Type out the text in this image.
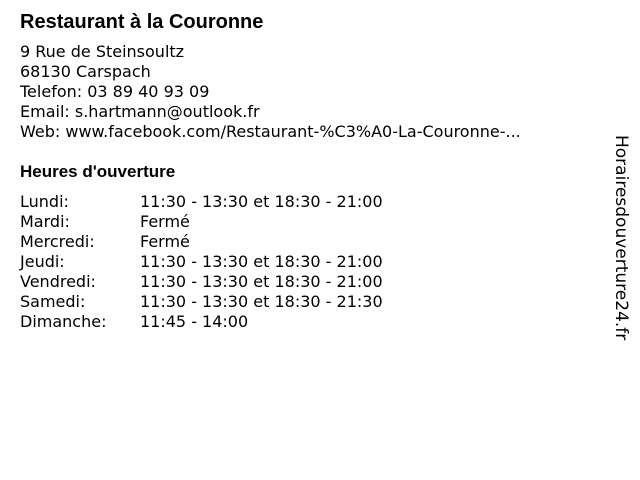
Restaurant à la Couronne
9 Rue de Steinsoultz
68130 Carspach
Telefon: 03 89 40 93 09
Email: s.hartmann@outlook.fr
Web: www.facebook.com/Restaurant-%C3%A0-La-Couronne-...
Heures d'ouverture
Lundi:	11:30 - 13:30 et 18:30 - 21:00
Mardi:	Fermé
Mercredi:	Fermé
Jeudi:	11:30 - 13:30 et 18:30 - 21:00
Vendredi:	11:30 - 13:30 et 18:30 - 21:00
Samedi:	11:30 - 13:30 et 18:30 - 21:30
Dimanche:	11:45 - 14:00	Horairesdouverture24.fr
